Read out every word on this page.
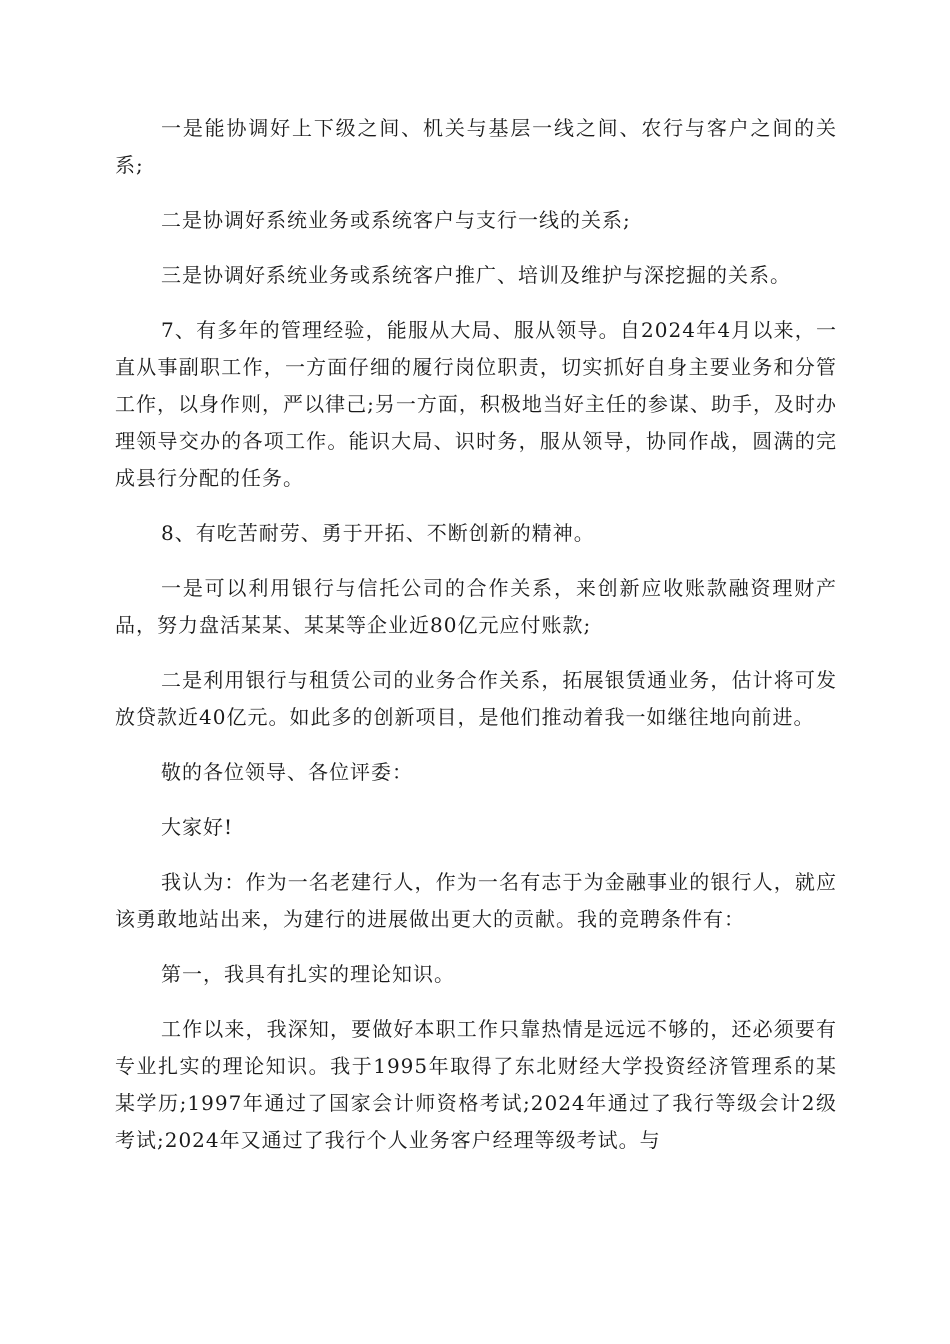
一是能协调好上下级之间、机关与基层一线之间、农行与客户之间的关系;

二是协调好系统业务或系统客户与支行一线的关系;

三是协调好系统业务或系统客户推广、培训及维护与深挖掘的关系。

7、有多年的管理经验，能服从大局、服从领导。自2024年4月以来，一直从事副职工作，一方面仔细的履行岗位职责，切实抓好自身主要业务和分管工作，以身作则，严以律己;另一方面，积极地当好主任的参谋、助手，及时办理领导交办的各项工作。能识大局、识时务，服从领导，协同作战，圆满的完成县行分配的任务。

8、有吃苦耐劳、勇于开拓、不断创新的精神。

一是可以利用银行与信托公司的合作关系，来创新应收账款融资理财产品，努力盘活某某、某某等企业近80亿元应付账款;

二是利用银行与租赁公司的业务合作关系，拓展银赁通业务，估计将可发放贷款近40亿元。如此多的创新项目，是他们推动着我一如继往地向前进。

敬的各位领导、各位评委：

大家好!

我认为：作为一名老建行人，作为一名有志于为金融事业的银行人，就应该勇敢地站出来，为建行的进展做出更大的贡献。我的竞聘条件有：

第一，我具有扎实的理论知识。

工作以来，我深知，要做好本职工作只靠热情是远远不够的，还必须要有专业扎实的理论知识。我于1995年取得了东北财经大学投资经济管理系的某某学历;1997年通过了国家会计师资格考试;2024年通过了我行等级会计2级考试;2024年又通过了我行个人业务客户经理等级考试。与
